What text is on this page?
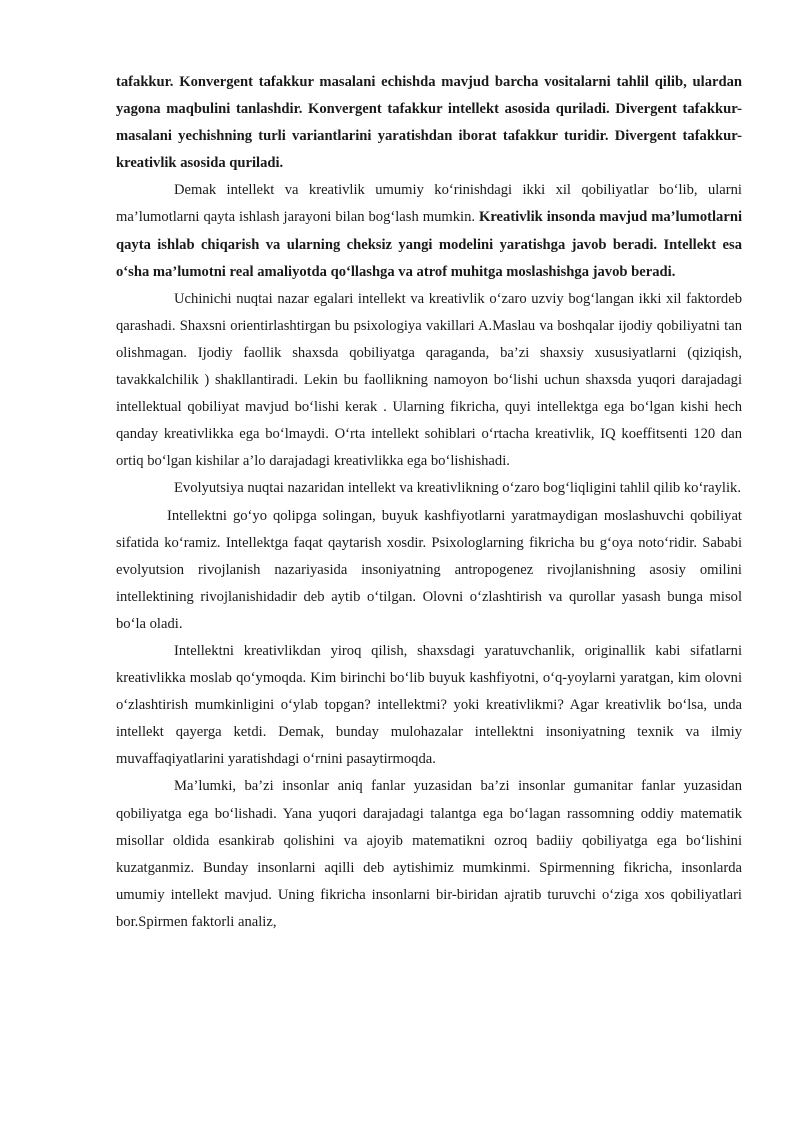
tafakkur. Konvergent tafakkur masalani echishda mavjud barcha vositalarni tahlil qilib, ulardan yagona maqbulini tanlashdir. Konvergent tafakkur intellekt asosida quriladi. Divergent tafakkur-masalani yechishning turli variantlarini yaratishdan iborat tafakkur turidir. Divergent tafakkur-kreativlik asosida quriladi.

Demak intellekt va kreativlik umumiy ko‘rinishdagi ikki xil qobiliyatlar bo‘lib, ularni ma’lumotlarni qayta ishlash jarayoni bilan bog‘lash mumkin. Kreativlik insonda mavjud ma’lumotlarni qayta ishlab chiqarish va ularning cheksiz yangi modelini yaratishga javob beradi. Intellekt esa o‘sha ma’lumotni real amaliyotda qo‘llashga va atrof muhitga moslashishga javob beradi.

Uchinichi nuqtai nazar egalari intellekt va kreativlik o‘zaro uzviy bog‘langan ikki xil faktordeb qarashadi. Shaxsni orientirlashtirgan bu psixologiya vakillari A.Maslau va boshqalar ijodiy qobiliyatni tan olishmagan. Ijodiy faollik shaxsda qobiliyatga qaraganda, ba’zi shaxsiy xususiyatlarni (qiziqish, tavakkalchilik ) shakllantiradi. Lekin bu faollikning namoyon bo‘lishi uchun shaxsda yuqori darajadagi intellektual qobiliyat mavjud bo‘lishi kerak . Ularning fikricha, quyi intellektga ega bo‘lgan kishi hech qanday kreativlikka ega bo‘lmaydi. O‘rta intellekt sohiblari o‘rtacha kreativlik, IQ koeffitsenti 120 dan ortiq bo‘lgan kishilar a’lo darajadagi kreativlikka ega bo‘lishishadi.

Evolyutsiya nuqtai nazaridan intellekt va kreativlikning o‘zaro bog‘liqligini tahlil qilib ko‘raylik.

Intellektni go‘yo qolipga solingan, buyuk kashfiyotlarni yaratmaydigan moslashuvchi qobiliyat sifatida ko‘ramiz. Intellektga faqat qaytarish xosdir. Psixologlarning fikricha bu g‘oya noto‘ridir. Sababi evolyutsion rivojlanish nazariyasida insoniyatning antropogenez rivojlanishning asosiy omilini intellektining rivojlanishidadir deb aytib o‘tilgan. Olovni o‘zlashtirish va qurollar yasash bunga misol bo‘la oladi.

Intellektni kreativlikdan yiroq qilish, shaxsdagi yaratuvchanlik, originallik kabi sifatlarni kreativlikka moslab qo‘ymoqda. Kim birinchi bo‘lib buyuk kashfiyotni, o‘q-yoylarni yaratgan, kim olovni o‘zlashtirish mumkinligini o‘ylab topgan? intellektmi? yoki kreativlikmi? Agar kreativlik bo‘lsa, unda intellekt qayerga ketdi. Demak, bunday mulohazalar intellektni insoniyatning texnik va ilmiy muvaffaqiyatlarini yaratishdagi o‘rnini pasaytirmoqda.

Ma’lumki, ba’zi insonlar aniq fanlar yuzasidan ba’zi insonlar gumanitar fanlar yuzasidan qobiliyatga ega bo‘lishadi. Yana yuqori darajadagi talantga ega bo‘lagan rassomning oddiy matematik misollar oldida esankirab qolishini va ajoyib matematikni ozroq badiiy qobiliyatga ega bo‘lishini kuzatganmiz. Bunday insonlarni aqilli deb aytishimiz mumkinmi. Spirmenning fikricha, insonlarda umumiy intellekt mavjud. Uning fikricha insonlarni bir-biridan ajratib turuvchi o‘ziga xos qobiliyatlari bor.Spirmen faktorli analiz,
